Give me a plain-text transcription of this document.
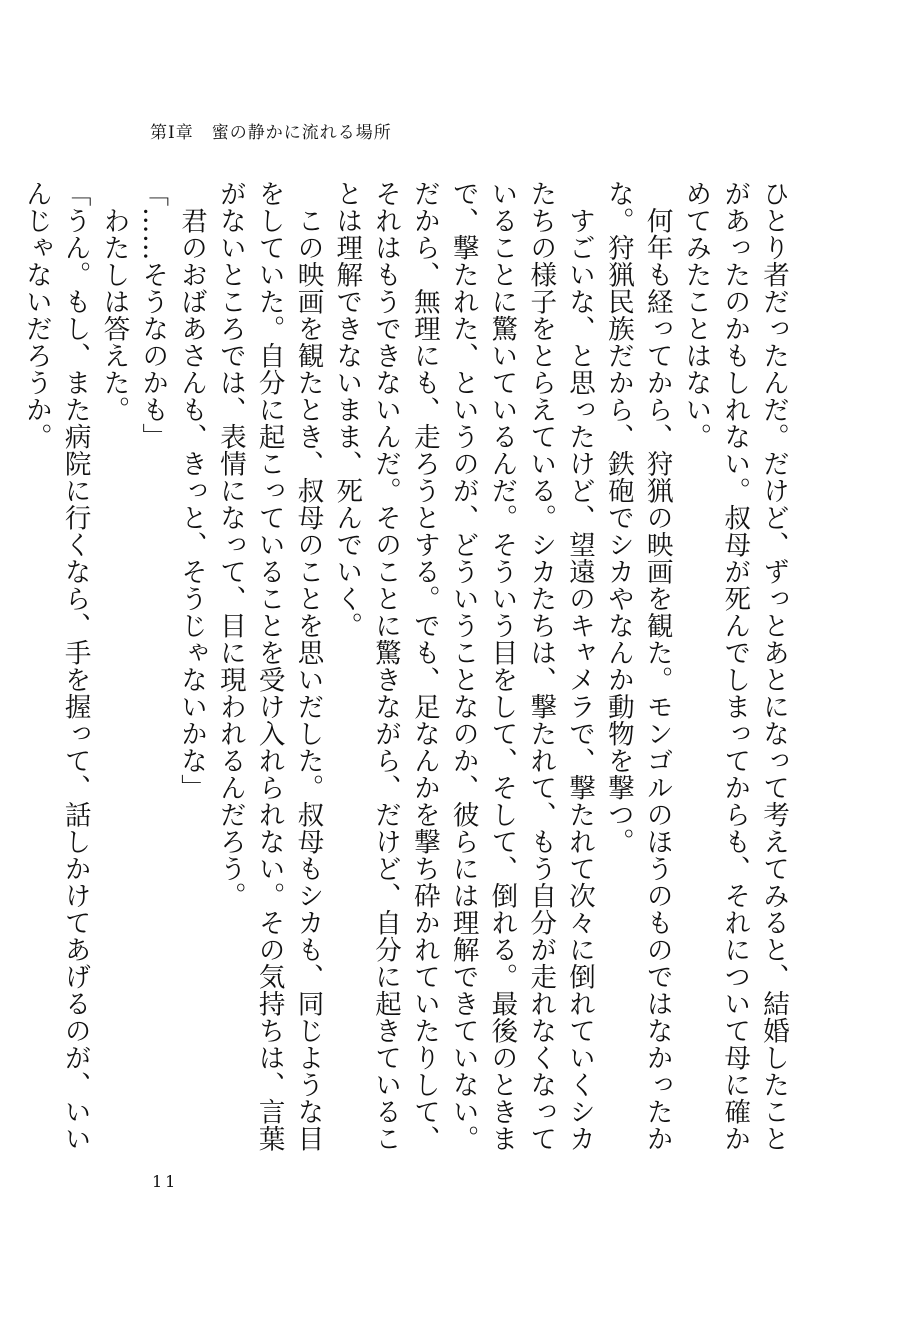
第Ⅰ章　蜜の静かに流れる場所

ひとり者だったんだ。だけど、ずっとあとになって考えてみると、結婚したことがあったのかもしれない。叔母が死んでしまってからも、それについて母に確かめてみたことはない。

　何年も経ってから、狩猟の映画を観た。モンゴルのほうのものではなかったかな。狩猟民族だから、鉄砲でシカやなんか動物を撃つ。

　すごいな、と思ったけど、望遠のキャメラで、撃たれて次々に倒れていくシカたちの様子をとらえている。シカたちは、撃たれて、もう自分が走れなくなっていることに驚いているんだ。そういう目をして、そして、倒れる。最後のときまで、撃たれた、というのが、どういうことなのか、彼らには理解できていない。だから、無理にも、走ろうとする。でも、足なんかを撃ち砕かれていたりして、それはもうできないんだ。そのことに驚きながら、だけど、自分に起きていることは理解できないまま、死んでいく。

　この映画を観たとき、叔母のことを思いだした。叔母もシカも、同じような目をしていた。自分に起こっていることを受け入れられない。その気持ちは、言葉がないところでは、表情になって、目に現われるんだろう。

　君のおばあさんも、きっと、そうじゃないかな」

「……そうなのかも」

　わたしは答えた。

「うん。もし、また病院に行くなら、手を握って、話しかけてあげるのが、いいんじゃないだろうか。

11
